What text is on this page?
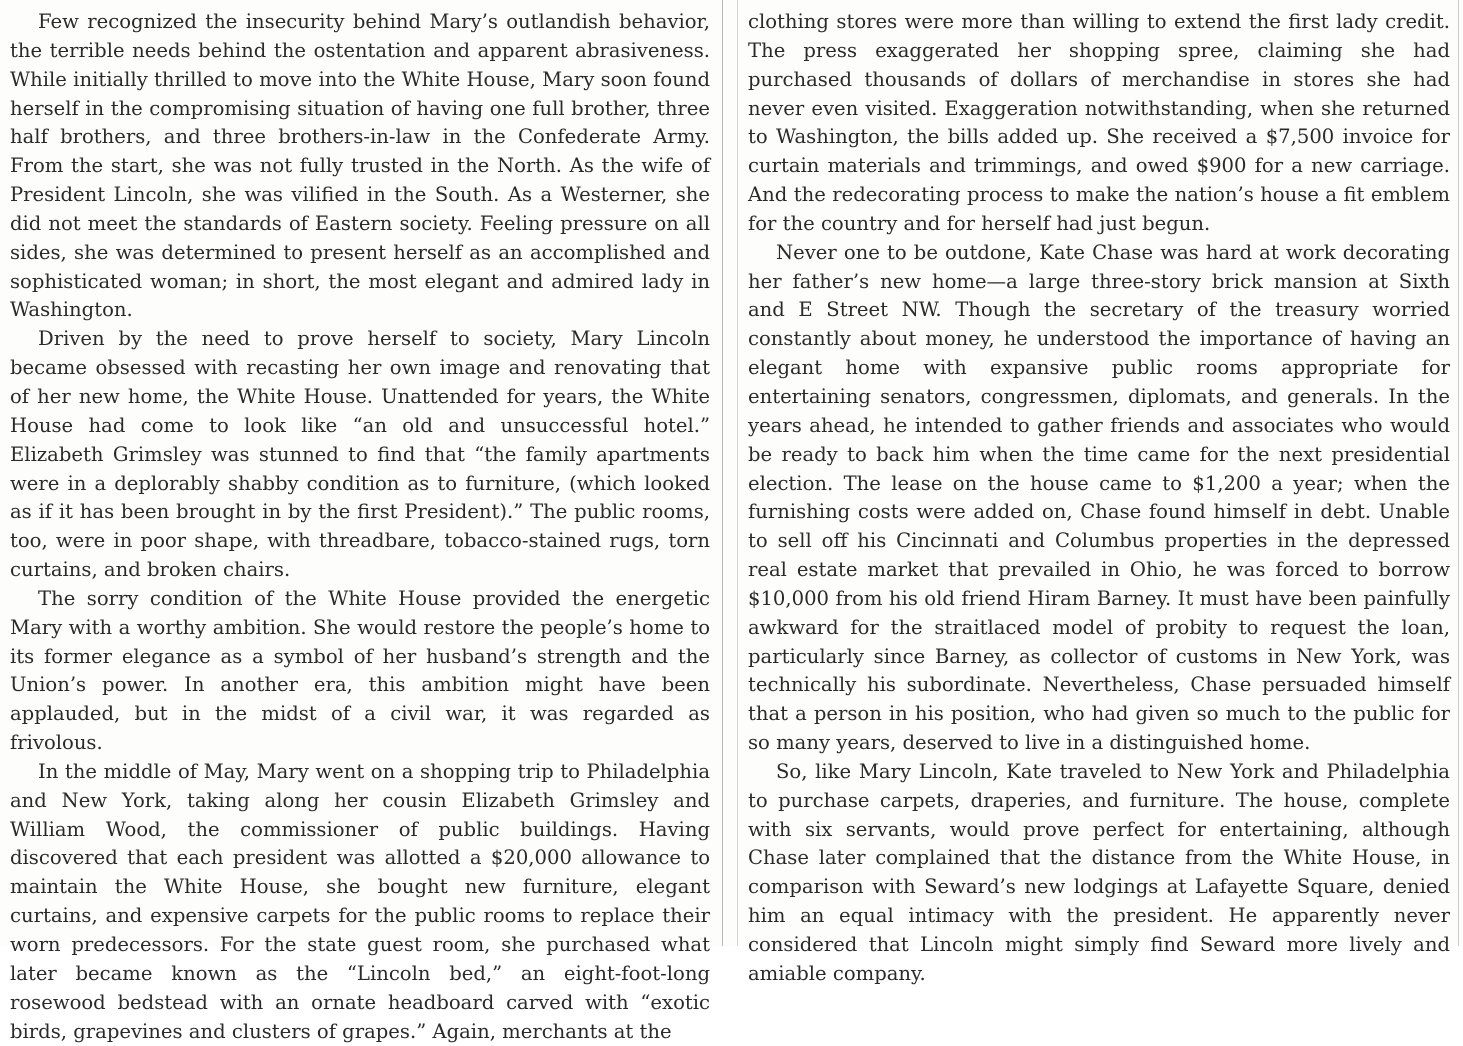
Few recognized the insecurity behind Mary’s outlandish behavior, the terrible needs behind the ostentation and apparent abrasiveness. While initially thrilled to move into the White House, Mary soon found herself in the compromising situation of having one full brother, three half brothers, and three brothers-in-law in the Confederate Army. From the start, she was not fully trusted in the North. As the wife of President Lincoln, she was vilified in the South. As a Westerner, she did not meet the standards of Eastern society. Feeling pressure on all sides, she was determined to present herself as an accomplished and sophisticated woman; in short, the most elegant and admired lady in Washington.

Driven by the need to prove herself to society, Mary Lincoln became obsessed with recasting her own image and renovating that of her new home, the White House. Unattended for years, the White House had come to look like “an old and unsuccessful hotel.” Elizabeth Grimsley was stunned to find that “the family apartments were in a deplorably shabby condition as to furniture, (which looked as if it has been brought in by the first President).” The public rooms, too, were in poor shape, with threadbare, tobacco-stained rugs, torn curtains, and broken chairs.

The sorry condition of the White House provided the energetic Mary with a worthy ambition. She would restore the people’s home to its former elegance as a symbol of her husband’s strength and the Union’s power. In another era, this ambition might have been applauded, but in the midst of a civil war, it was regarded as frivolous.

In the middle of May, Mary went on a shopping trip to Philadelphia and New York, taking along her cousin Elizabeth Grimsley and William Wood, the commissioner of public buildings. Having discovered that each president was allotted a $20,000 allowance to maintain the White House, she bought new furniture, elegant curtains, and expensive carpets for the public rooms to replace their worn predecessors. For the state guest room, she purchased what later became known as the “Lincoln bed,” an eight-foot-long rosewood bedstead with an ornate headboard carved with “exotic birds, grapevines and clusters of grapes.” Again, merchants at the

clothing stores were more than willing to extend the first lady credit. The press exaggerated her shopping spree, claiming she had purchased thousands of dollars of merchandise in stores she had never even visited. Exaggeration notwithstanding, when she returned to Washington, the bills added up. She received a $7,500 invoice for curtain materials and trimmings, and owed $900 for a new carriage. And the redecorating process to make the nation’s house a fit emblem for the country and for herself had just begun.

Never one to be outdone, Kate Chase was hard at work decorating her father’s new home—a large three-story brick mansion at Sixth and E Street NW. Though the secretary of the treasury worried constantly about money, he understood the importance of having an elegant home with expansive public rooms appropriate for entertaining senators, congressmen, diplomats, and generals. In the years ahead, he intended to gather friends and associates who would be ready to back him when the time came for the next presidential election. The lease on the house came to $1,200 a year; when the furnishing costs were added on, Chase found himself in debt. Unable to sell off his Cincinnati and Columbus properties in the depressed real estate market that prevailed in Ohio, he was forced to borrow $10,000 from his old friend Hiram Barney. It must have been painfully awkward for the straitlaced model of probity to request the loan, particularly since Barney, as collector of customs in New York, was technically his subordinate. Nevertheless, Chase persuaded himself that a person in his position, who had given so much to the public for so many years, deserved to live in a distinguished home.

So, like Mary Lincoln, Kate traveled to New York and Philadelphia to purchase carpets, draperies, and furniture. The house, complete with six servants, would prove perfect for entertaining, although Chase later complained that the distance from the White House, in comparison with Seward’s new lodgings at Lafayette Square, denied him an equal intimacy with the president. He apparently never considered that Lincoln might simply find Seward more lively and amiable company.
